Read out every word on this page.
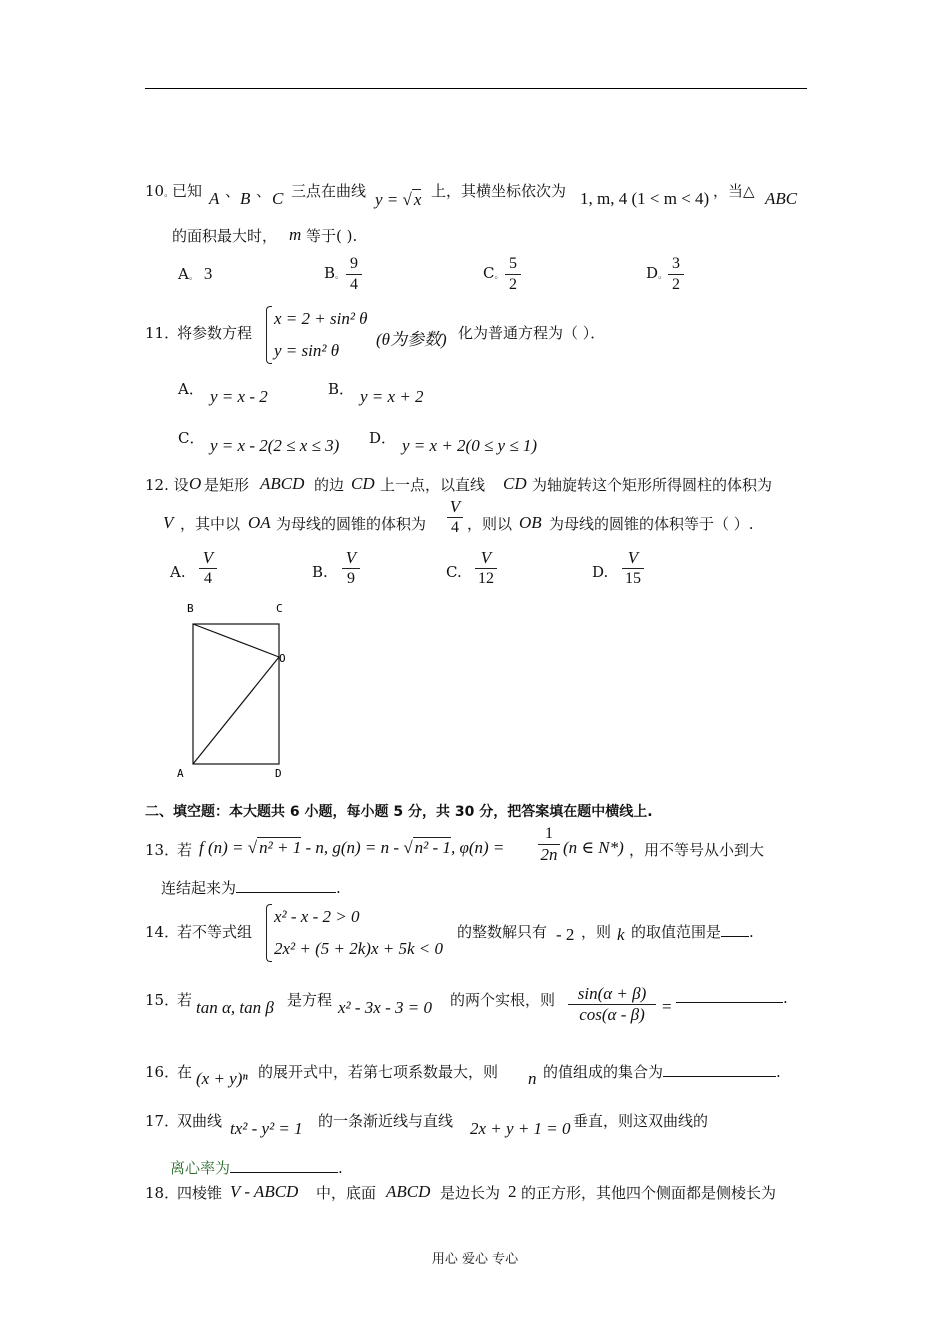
10。
已知 A 、 B 、 C 三点在曲线 y = √ x 上，其横坐标依次为 1, m, 4 (1 < m < 4) ，当△ ABC
的面积最大时， m 等于( ).
A。 3	B。
9
4
C。
5
2
D。
3
2
11．
将参数方程
x = 2 + sin² θ
y = sin² θ
(θ为参数) 化为普通方程为（ ）．
A． y = x - 2	B． y = x + 2
C． y = x - 2(2 ≤ x ≤ 3) D． y = x + 2(0 ≤ y ≤ 1)
12. 设 O 是矩形 ABCD 的边 CD 上一点，以直线 CD 为轴旋转这个矩形所得圆柱的体积为
V ，其中以 OA 为母线的圆锥的体积为
V
4 ，则以 OB 为母线的圆锥的体积等于（ ）.
A.
V
4	B.
V
9	C.
V
12	D.
V
15
B	C
O
A	D
二、填空题：本大题共 6 小题，每小题 5 分，共 30 分，把答案填在题中横线上.
13．
若 f (n) = √ n² + 1 - n, g(n) = n - √ n² - 1, φ(n) =
1
2n (n ∈ N*) ，用不等号从小到大
连结起来为	.
14．
若不等式组
x² - x - 2 > 0
2x² + (5 + 2k)x + 5k < 0
的整数解只有 - 2 ，则 k 的取值范围是 .
15．
若 tan α, tan β 是方程 x² - 3x - 3 = 0 的两个实根，则	sin(α + β)
cos(α - β)	=	.
16．
在 (x + y)ⁿ 的展开式中，若第七项系数最大，则 n 的值组成的集合为	.
17．
双曲线 tx² - y² = 1 的一条渐近线与直线 2x + y + 1 = 0 垂直，则这双曲线的
离心率为	.
18．
四棱锥 V - ABCD 中，底面 ABCD 是边长为 2 的正方形，其他四个侧面都是侧棱长为
用心 爱心 专心
